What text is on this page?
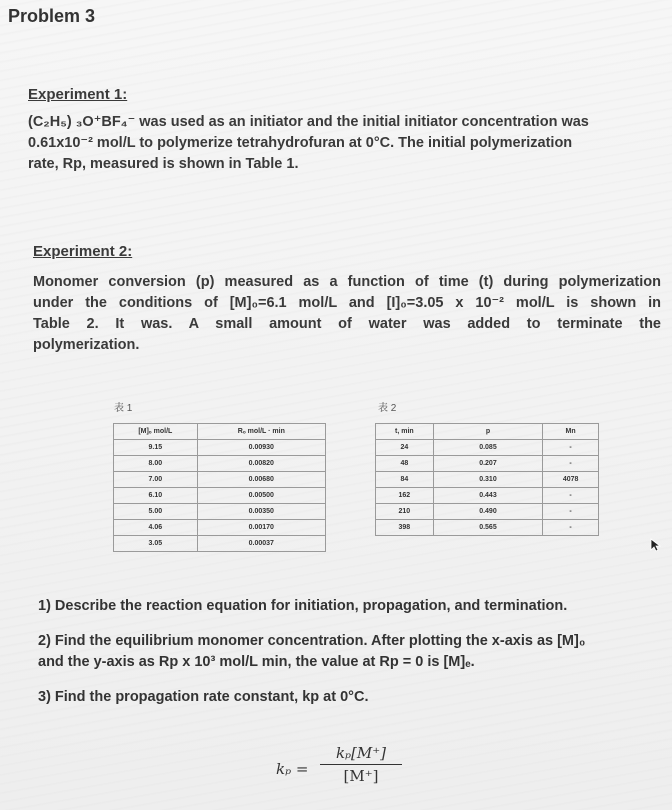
Problem 3
Experiment 1:
(C₂H₅) ₃O⁺BF₄⁻ was used as an initiator and the initial initiator concentration was
0.61x10⁻² mol/L to polymerize tetrahydrofuran at 0°C. The initial polymerization
rate, Rp, measured is shown in Table 1.
Experiment 2:
Monomer conversion (p) measured as a function of time (t) during polymerization
under the conditions of [M]₀=6.1 mol/L and [I]₀=3.05 x 10⁻² mol/L is shown in
Table 2. It was. A small amount of water was added to terminate the
polymerization.
表 1
[M]ₒ mol/L	Rₒ mol/L · min
9.15	0.00930
8.00	0.00820
7.00	0.00680
6.10	0.00500
5.00	0.00350
4.06	0.00170
3.05	0.00037
表 2
t, min	p	Mn
24	0.085	-
48	0.207	-
84	0.310	4078
162	0.443	-
210	0.490	-
398	0.565	-
1) Describe the reaction equation for initiation, propagation, and termination.
2) Find the equilibrium monomer concentration. After plotting the x-axis as [M]₀
and the y-axis as Rp x 10³ mol/L min, the value at Rp = 0 is [M]ₑ.
3) Find the propagation rate constant, kp at 0°C.
kₚ =
kₚ[M⁺]
[M⁺]
